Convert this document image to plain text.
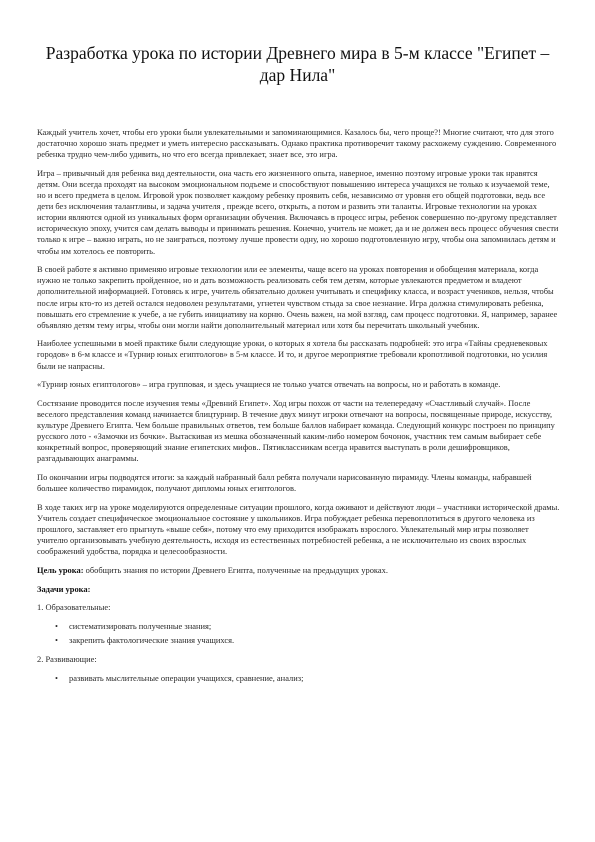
Разработка урока по истории Древнего мира в 5-м классе "Египет – дар Нила"

Каждый учитель хочет, чтобы его уроки были увлекательными и запоминающимися. Казалось бы, чего проще?! Многие считают, что для этого достаточно хорошо знать предмет и уметь интересно рассказывать. Однако практика противоречит такому расхожему суждению. Современного ребенка трудно чем-либо удивить, но что его всегда привлекает, знает все, это игра.

Игра – привычный для ребенка вид деятельности, она часть его жизненного опыта, наверное, именно поэтому игровые уроки так нравятся детям. Они всегда проходят на высоком эмоциональном подъеме и способствуют повышению интереса учащихся не только к изучаемой теме, но и всего предмета в целом. Игровой урок позволяет каждому ребенку проявить себя, независимо от уровня его общей подготовки, ведь все дети без исключения талантливы, и задача учителя , прежде всего, открыть, а потом и развить эти таланты. Игровые технологии на уроках истории являются одной из уникальных форм организации обучения. Включаясь в процесс игры, ребенок совершенно по-другому представляет историческую эпоху, учится сам делать выводы и принимать решения. Конечно, учитель не может, да и не должен весь процесс обучения свести только к игре – важно играть, но не заиграться, поэтому лучше провести одну, но хорошо подготовленную игру, чтобы она запомнилась детям и чтобы им хотелось ее повторить.

В своей работе я активно применяю игровые технологии или ее элементы, чаще всего на уроках повторения и обобщения материала, когда нужно не только закрепить пройденное, но и дать возможность реализовать себя тем детям, которые увлекаются предметом и владеют дополнительной информацией. Готовясь к игре, учитель обязательно должен учитывать и специфику класса, и возраст учеников, нельзя, чтобы после игры кто-то из детей остался недоволен результатами, угнетен чувством стыда за свое незнание. Игра должна стимулировать ребенка, повышать его стремление к учебе, а не губить инициативу на корню. Очень важен, на мой взгляд, сам процесс подготовки. Я, например, заранее объявляю детям тему игры, чтобы они могли найти дополнительный материал или хотя бы перечитать школьный учебник.

Наиболее успешными в моей практике были следующие уроки, о которых я хотела бы рассказать подробней: это игра «Тайны средневековых городов» в 6-м классе и «Турнир юных египтологов» в 5-м классе. И то, и другое мероприятие требовали кропотливой подготовки, но усилия были не напрасны.

«Турнир юных египтологов» – игра групповая, и здесь учащиеся не только учатся отвечать на вопросы, но и работать в команде.

Состязание проводится после изучения темы «Древний Египет». Ход игры похож от части на телепередачу «Счастливый случай». После веселого представления команд начинается блицтурнир. В течение двух минут игроки отвечают на вопросы, посвященные природе, искусству, культуре Древнего Египта. Чем больше правильных ответов, тем больше баллов набирает команда. Следующий конкурс построен по принципу русского лото - «Замочки из бочки». Вытаскивая из мешка обозначенный каким-либо номером бочонок, участник тем самым выбирает себе конкретный вопрос, проверяющий знание египетских мифов.. Пятиклассникам всегда нравится выступать в роли дешифровщиков, разгадывающих анаграммы.

По окончании игры подводятся итоги: за каждый набранный балл ребята получали нарисованную пирамиду. Члены команды, набравшей большее количество пирамидок, получают дипломы юных египтологов.

В ходе таких игр на уроке моделируются определенные ситуации прошлого, когда оживают и действуют люди – участники исторической драмы. Учитель создает специфическое эмоциональное состояние у школьников. Игра побуждает ребенка перевоплотиться в другого человека из прошлого, заставляет его прыгнуть «выше себя», потому что ему приходится изображать взрослого. Увлекательный мир игры позволяет учителю организовывать учебную деятельность, исходя из естественных потребностей ребенка, а не исключительно из своих взрослых соображений удобства, порядка и целесообразности.

Цель урока: обобщить знания по истории Древнего Египта, полученные на предыдущих уроках.

Задачи урока:

1. Образовательные:

• систематизировать полученные знания;
• закрепить фактологические знания учащихся.

2. Развивающие:

• развивать мыслительные операции учащихся, сравнение, анализ;
